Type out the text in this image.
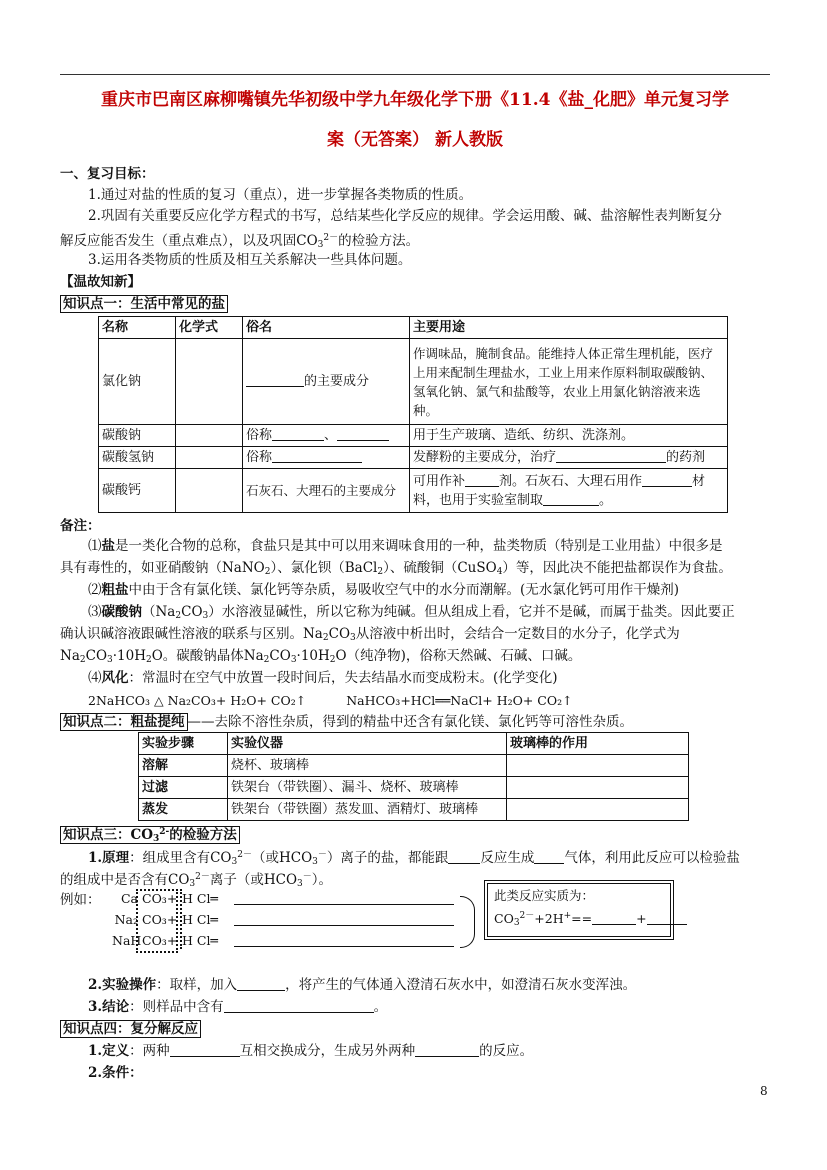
重庆市巴南区麻柳嘴镇先华初级中学九年级化学下册《11.4《盐_化肥》单元复习学
案（无答案） 新人教版
一、复习目标：
1.通过对盐的性质的复习（重点），进一步掌握各类物质的性质。
2.巩固有关重要反应化学方程式的书写，总结某些化学反应的规律。学会运用酸、碱、盐溶解性表判断复分
解反应能否发生（重点难点），以及巩固$CO_3^{2-}$的检验方法。
3.运用各类物质的性质及相互关系解决一些具体问题。
【温故知新】
知识点一：生活中常见的盐
名称	化学式	俗名	主要用途
氯化钠		的主要成分	作调味品，腌制食品。能维持人体正常生理机能，医疗上用来配制生理盐水，工业上用来作原料制取碳酸钠、氢氧化钠、氯气和盐酸等，农业上用氯化钠溶液来选种。
碳酸钠		俗称 、	用于生产玻璃、造纸、纺织、洗涤剂。
碳酸氢钠		俗称	发酵粉的主要成分，治疗 的药剂
碳酸钙		石灰石、大理石的主要成分	可用作补 剂。石灰石、大理石用作 材
料，也用于实验室制取 。
备注：
⑴盐是一类化合物的总称，食盐只是其中可以用来调味食用的一种，盐类物质（特别是工业用盐）中很多是
具有毒性的，如亚硝酸钠（NaNO$_2$）、氯化钡（BaCl$_2$）、硫酸铜（CuSO$_4$）等，因此决不能把盐都误作为食盐。
⑵粗盐中由于含有氯化镁、氯化钙等杂质，易吸收空气中的水分而潮解。(无水氯化钙可用作干燥剂)
⑶碳酸钠$(Na_2CO_3)$水溶液显碱性，所以它称为纯碱。但从组成上看，它并不是碱，而属于盐类。因此要正
确认识碱溶液跟碱性溶液的联系与区别。$Na_2CO_3$从溶液中析出时，会结合一定数目的水分子，化学式为
$Na_2CO_3\cdot 10H_2O$。碳酸钠晶体$Na_2CO_3\cdot 10H_2O$（纯净物)，俗称天然碱、石碱、口碱。
⑷风化：常温时在空气中放置一段时间后，失去结晶水而变成粉末。(化学变化)
2NaHCO₃ △ Na₂CO₃+ H₂O+ CO₂↑	NaHCO₃+HCl══NaCl+ H₂O+ CO₂↑
知识点二：粗盐提纯 ——去除不溶性杂质，得到的精盐中还含有氯化镁、氯化钙等可溶性杂质。
实验步骤	实验仪器	玻璃棒的作用
溶解	烧杯、玻璃棒	
过滤	铁架台（带铁圈）、漏斗、烧杯、玻璃棒	
蒸发	铁架台（带铁圈）蒸发皿、酒精灯、玻璃棒	
知识点三：$CO_3^{2-}$的检验方法
1.原理：组成里含有$CO_3^{2-}$（或$HCO_3^-$）离子的盐，都能跟 反应生成 气体，利用此反应可以检验盐
的组成中是否含有$CO_3^{2-}$离子（或$HCO_3^-$）。
例如：	Ca CO₃+ H Cl═
Na₂ CO₃+ H Cl═
NaHCO₃+ H Cl═
此类反应实质为：
$CO_3^{2-}+2H^+==$	+
2.实验操作：取样，加入	，将产生的气体通入澄清石灰水中，如澄清石灰水变浑浊。
3.结论：则样品中含有	。
知识点四：复分解反应
1.定义：两种	互相交换成分，生成另外两种	的反应。
2.条件：
8
